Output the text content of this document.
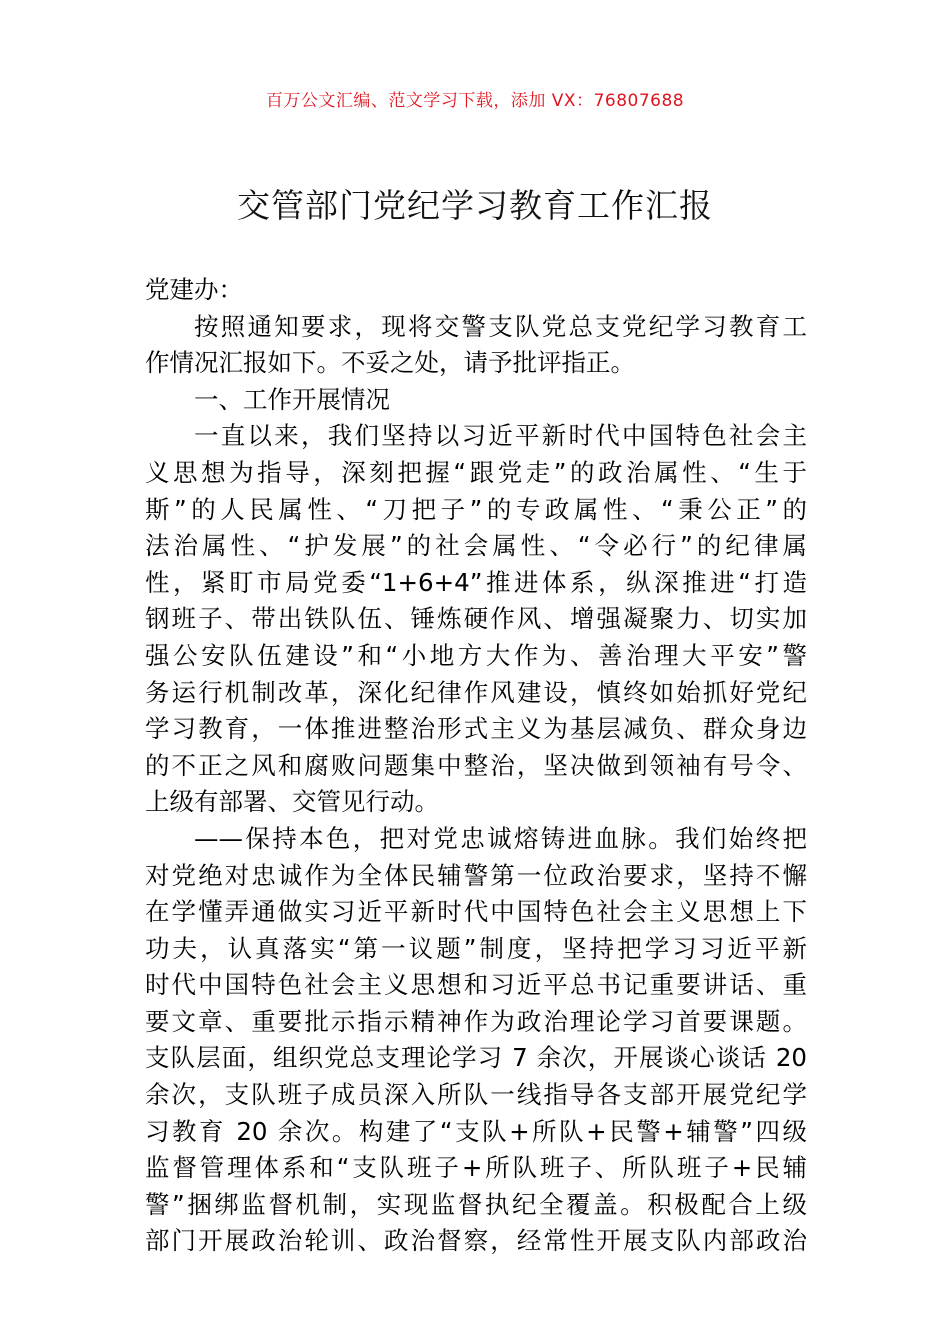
百万公文汇编、范文学习下载，添加 VX：76807688
交管部门党纪学习教育工作汇报
党建办：
按照通知要求，现将交警支队党总支党纪学习教育工
作情况汇报如下。不妥之处，请予批评指正。
一、工作开展情况
一直以来，我们坚持以习近平新时代中国特色社会主
义思想为指导，深刻把握“跟党走”的政治属性、“生于
斯”的人民属性、“刀把子”的专政属性、“秉公正”的
法治属性、“护发展”的社会属性、“令必行”的纪律属
性，紧盯市局党委“1+6+4”推进体系，纵深推进“打造
钢班子、带出铁队伍、锤炼硬作风、增强凝聚力、切实加
强公安队伍建设”和“小地方大作为、善治理大平安”警
务运行机制改革，深化纪律作风建设，慎终如始抓好党纪
学习教育，一体推进整治形式主义为基层减负、群众身边
的不正之风和腐败问题集中整治，坚决做到领袖有号令、
上级有部署、交管见行动。
——保持本色，把对党忠诚熔铸进血脉。我们始终把
对党绝对忠诚作为全体民辅警第一位政治要求，坚持不懈
在学懂弄通做实习近平新时代中国特色社会主义思想上下
功夫，认真落实“第一议题”制度，坚持把学习习近平新
时代中国特色社会主义思想和习近平总书记重要讲话、重
要文章、重要批示指示精神作为政治理论学习首要课题。
支队层面，组织党总支理论学习 7 余次，开展谈心谈话 20
余次，支队班子成员深入所队一线指导各支部开展党纪学
习教育 20 余次。构建了“支队+所队+民警+辅警”四级
监督管理体系和“支队班子+所队班子、所队班子+民辅
警”捆绑监督机制，实现监督执纪全覆盖。积极配合上级
部门开展政治轮训、政治督察，经常性开展支队内部政治
